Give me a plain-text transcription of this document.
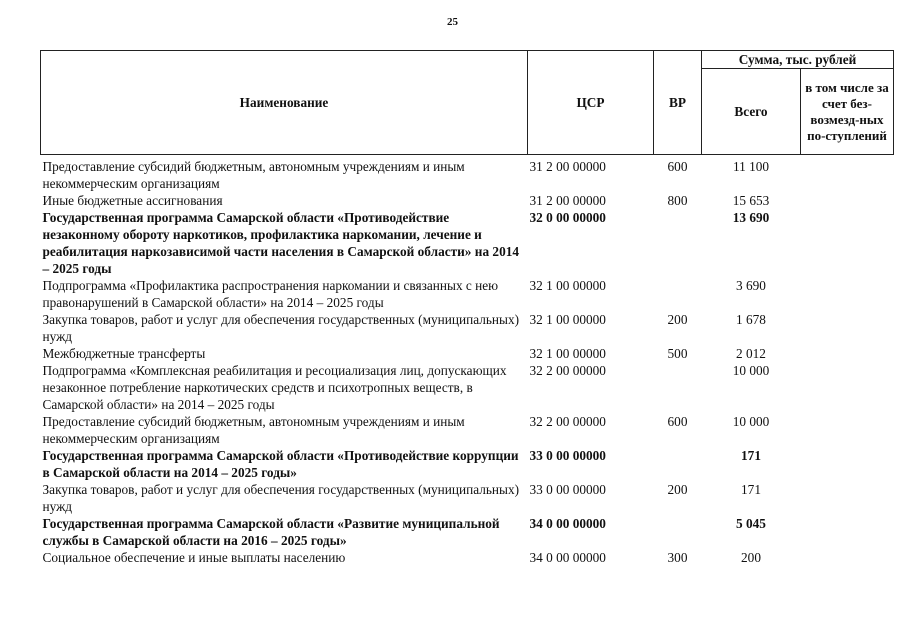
25
Наименование	ЦСР	ВР	Сумма, тыс. рублей	
			Всего	в том числе за счет без-возмезд-ных по-ступлений
Предоставление субсидий бюджетным, автономным учреждениям и иным некоммерческим организациям	31 2 00 00000	600	11 100	
Иные бюджетные ассигнования	31 2 00 00000	800	15 653	
Государственная программа Самарской области «Противодействие незаконному обороту наркотиков, профилактика наркомании, лечение и реабилитация наркозависимой части населения в Самарской области» на 2014 – 2025 годы	32 0 00 00000		13 690	
Подпрограмма «Профилактика распространения наркомании и связанных с нею правонарушений в Самарской области» на 2014 – 2025 годы	32 1 00 00000		3 690	
Закупка товаров, работ и услуг для обеспечения государственных (муниципальных) нужд	32 1 00 00000	200	1 678	
Межбюджетные трансферты	32 1 00 00000	500	2 012	
Подпрограмма «Комплексная реабилитация и ресоциализация лиц, допускающих незаконное потребление наркотических средств и психотропных веществ, в Самарской области» на 2014 – 2025 годы	32 2 00 00000		10 000	
Предоставление субсидий бюджетным, автономным учреждениям и иным некоммерческим организациям	32 2 00 00000	600	10 000	
Государственная программа Самарской области «Противодействие коррупции в Самарской области на 2014 – 2025 годы»	33 0 00 00000		171	
Закупка товаров, работ и услуг для обеспечения государственных (муниципальных) нужд	33 0 00 00000	200	171	
Государственная программа Самарской области «Развитие муниципальной службы в Самарской области на 2016 – 2025 годы»	34 0 00 00000		5 045	
Социальное обеспечение и иные выплаты населению	34 0 00 00000	300	200	
